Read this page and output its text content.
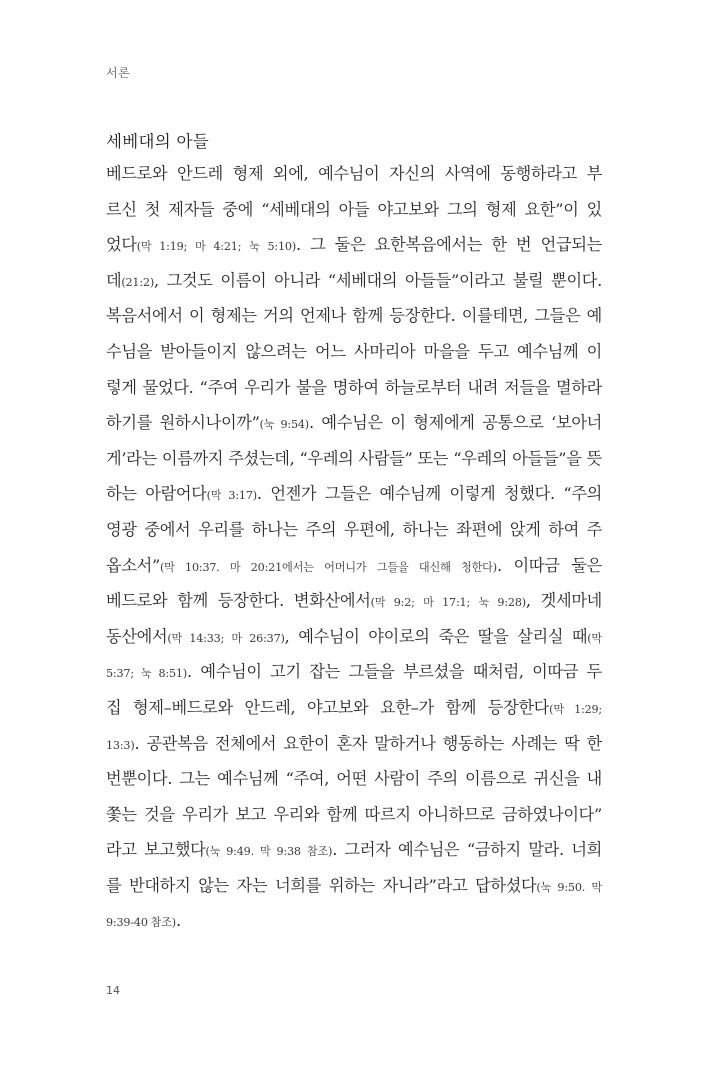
서론
세베대의 아들
베드로와 안드레 형제 외에, 예수님이 자신의 사역에 동행하라고 부
르신 첫 제자들 중에 “세베대의 아들 야고보와 그의 형제 요한”이 있
었다(막 1:19; 마 4:21; 눅 5:10). 그 둘은 요한복음에서는 한 번 언급되는
데(21:2), 그것도 이름이 아니라 “세베대의 아들들”이라고 불릴 뿐이다.
복음서에서 이 형제는 거의 언제나 함께 등장한다. 이를테면, 그들은 예
수님을 받아들이지 않으려는 어느 사마리아 마을을 두고 예수님께 이
렇게 물었다. “주여 우리가 불을 명하여 하늘로부터 내려 저들을 멸하라
하기를 원하시나이까”(눅 9:54). 예수님은 이 형제에게 공통으로 ‘보아너
게’라는 이름까지 주셨는데, “우레의 사람들” 또는 “우레의 아들들”을 뜻
하는 아람어다(막 3:17). 언젠가 그들은 예수님께 이렇게 청했다. “주의
영광 중에서 우리를 하나는 주의 우편에, 하나는 좌편에 앉게 하여 주
옵소서”(막 10:37. 마 20:21에서는 어머니가 그들을 대신해 청한다). 이따금 둘은
베드로와 함께 등장한다. 변화산에서(막 9:2; 마 17:1; 눅 9:28), 겟세마네
동산에서(막 14:33; 마 26:37), 예수님이 야이로의 죽은 딸을 살리실 때(막
5:37; 눅 8:51). 예수님이 고기 잡는 그들을 부르셨을 때처럼, 이따금 두
집 형제–베드로와 안드레, 야고보와 요한–가 함께 등장한다(막 1:29;
13:3). 공관복음 전체에서 요한이 혼자 말하거나 행동하는 사례는 딱 한
번뿐이다. 그는 예수님께 “주여, 어떤 사람이 주의 이름으로 귀신을 내
쫓는 것을 우리가 보고 우리와 함께 따르지 아니하므로 금하였나이다”
라고 보고했다(눅 9:49. 막 9:38 참조). 그러자 예수님은 “금하지 말라. 너희
를 반대하지 않는 자는 너희를 위하는 자니라”라고 답하셨다(눅 9:50. 막
9:39-40 참조).
14
